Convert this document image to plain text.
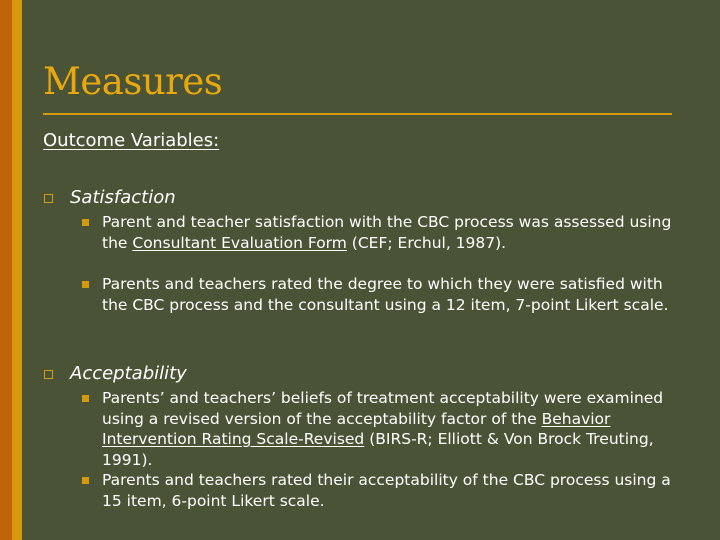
Measures
Outcome Variables:
Satisfaction
Parent and teacher satisfaction with the CBC process was assessed using the Consultant Evaluation Form (CEF; Erchul, 1987).
Parents and teachers rated the degree to which they were satisfied with the CBC process and the consultant using a 12 item, 7-point Likert scale.
Acceptability
Parents’ and teachers’ beliefs of treatment acceptability were examined using a revised version of the acceptability factor of the Behavior Intervention Rating Scale-Revised (BIRS-R; Elliott & Von Brock Treuting, 1991).
Parents and teachers rated their acceptability of the CBC process using a 15 item, 6-point Likert scale.
